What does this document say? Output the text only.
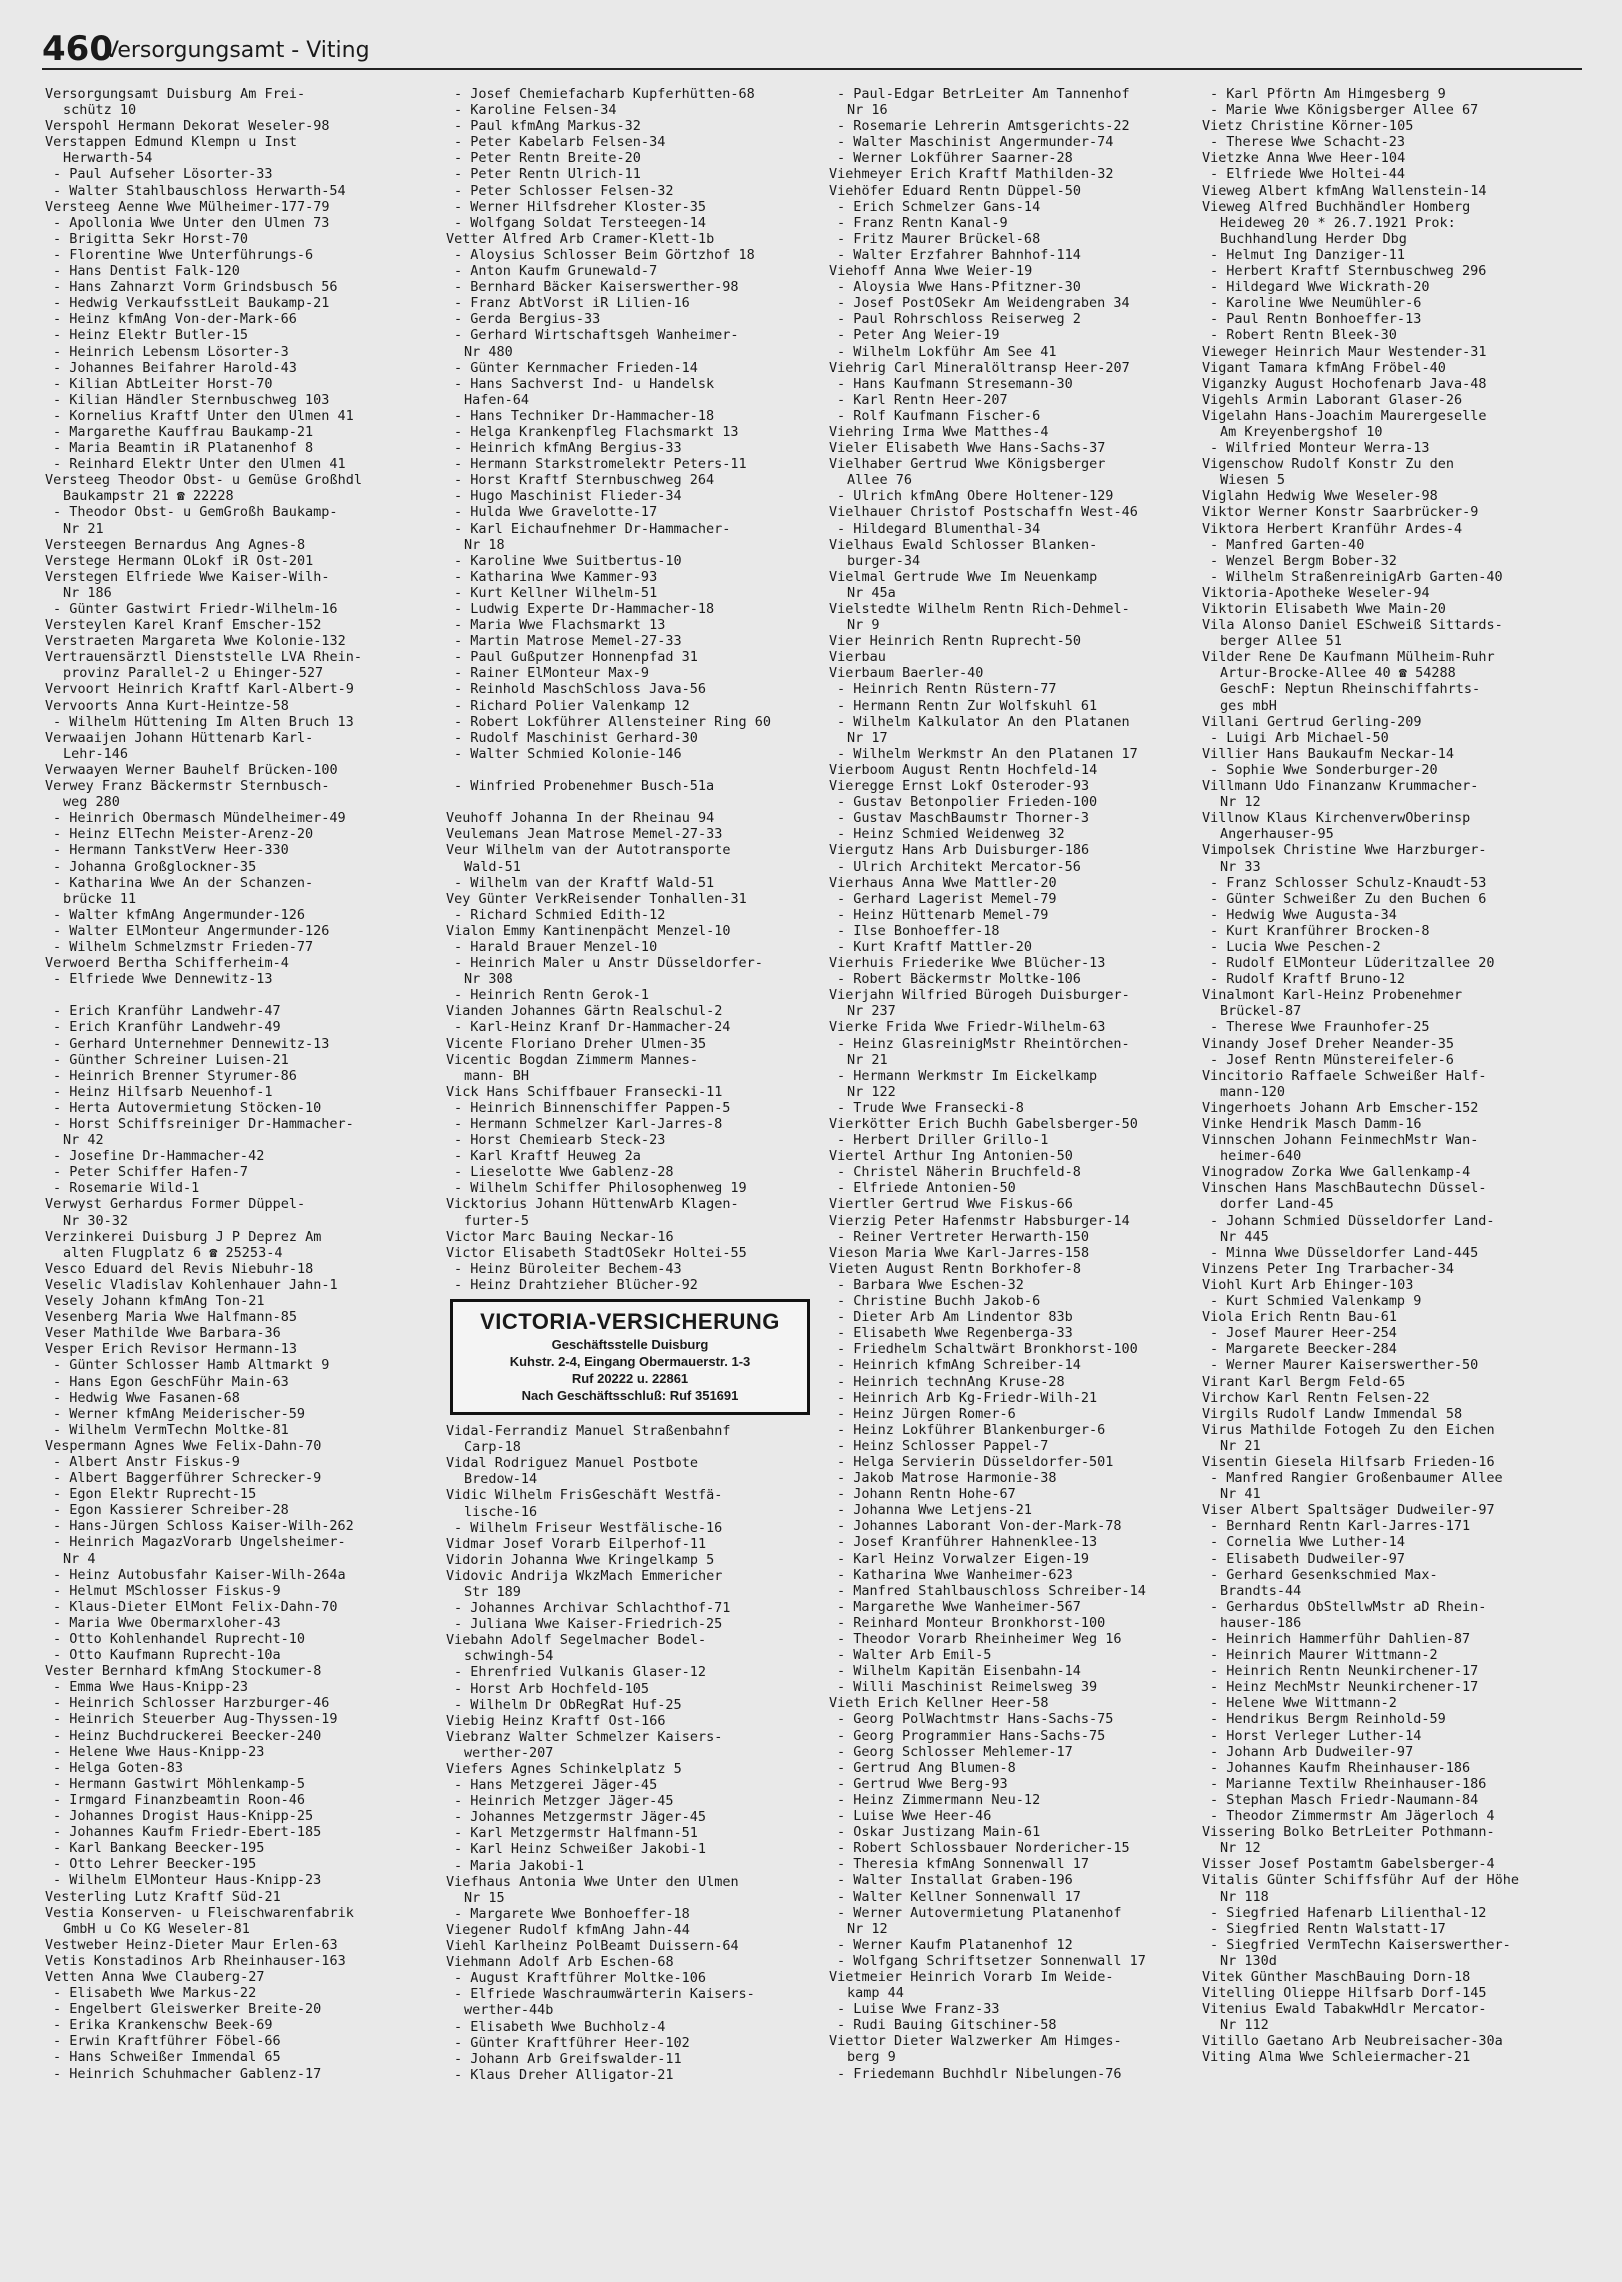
460
Versorgungsamt - Viting
Versorgungsamt Duisburg Am Frei-
schütz 10
Verspohl Hermann Dekorat Weseler-98
Verstappen Edmund Klempn u Inst
Herwarth-54
- Paul Aufseher Lösorter-33
- Walter Stahlbauschloss Herwarth-54
Versteeg Aenne Wwe Mülheimer-177-79
- Apollonia Wwe Unter den Ulmen 73
- Brigitta Sekr Horst-70
- Florentine Wwe Unterführungs-6
- Hans Dentist Falk-120
- Hans Zahnarzt Vorm Grindsbusch 56
- Hedwig VerkaufsstLeit Baukamp-21
- Heinz kfmAng Von-der-Mark-66
- Heinz Elektr Butler-15
- Heinrich Lebensm Lösorter-3
- Johannes Beifahrer Harold-43
- Kilian AbtLeiter Horst-70
- Kilian Händler Sternbuschweg 103
- Kornelius Kraftf Unter den Ulmen 41
- Margarethe Kauffrau Baukamp-21
- Maria Beamtin iR Platanenhof 8
- Reinhard Elektr Unter den Ulmen 41
Versteeg Theodor Obst- u Gemüse Großhdl
Baukampstr 21 ☎ 22228
- Theodor Obst- u GemGroßh Baukamp-
Nr 21
Versteegen Bernardus Ang Agnes-8
Verstege Hermann OLokf iR Ost-201
Verstegen Elfriede Wwe Kaiser-Wilh-
Nr 186
- Günter Gastwirt Friedr-Wilhelm-16
Versteylen Karel Kranf Emscher-152
Verstraeten Margareta Wwe Kolonie-132
Vertrauensärztl Dienststelle LVA Rhein-
provinz Parallel-2 u Ehinger-527
Vervoort Heinrich Kraftf Karl-Albert-9
Vervoorts Anna Kurt-Heintze-58
- Wilhelm Hüttening Im Alten Bruch 13
Verwaaijen Johann Hüttenarb Karl-
Lehr-146
Verwaayen Werner Bauhelf Brücken-100
Verwey Franz Bäckermstr Sternbusch-
weg 280
- Heinrich Obermasch Mündelheimer-49
- Heinz ElTechn Meister-Arenz-20
- Hermann TankstVerw Heer-330
- Johanna Großglockner-35
- Katharina Wwe An der Schanzen-
brücke 11
- Walter kfmAng Angermunder-126
- Walter ElMonteur Angermunder-126
- Wilhelm Schmelzmstr Frieden-77
Verwoerd Bertha Schifferheim-4
- Elfriede Wwe Dennewitz-13

- Erich Kranführ Landwehr-47
- Erich Kranführ Landwehr-49
- Gerhard Unternehmer Dennewitz-13
- Günther Schreiner Luisen-21
- Heinrich Brenner Styrumer-86
- Heinz Hilfsarb Neuenhof-1
- Herta Autovermietung Stöcken-10
- Horst Schiffsreiniger Dr-Hammacher-
Nr 42
- Josefine Dr-Hammacher-42
- Peter Schiffer Hafen-7
- Rosemarie Wild-1
Verwyst Gerhardus Former Düppel-
Nr 30-32
Verzinkerei Duisburg J P Deprez Am
alten Flugplatz 6 ☎ 25253-4
Vesco Eduard del Revis Niebuhr-18
Veselic Vladislav Kohlenhauer Jahn-1
Vesely Johann kfmAng Ton-21
Vesenberg Maria Wwe Halfmann-85
Veser Mathilde Wwe Barbara-36
Vesper Erich Revisor Hermann-13
- Günter Schlosser Hamb Altmarkt 9
- Hans Egon GeschFühr Main-63
- Hedwig Wwe Fasanen-68
- Werner kfmAng Meiderischer-59
- Wilhelm VermTechn Moltke-81
Vespermann Agnes Wwe Felix-Dahn-70
- Albert Anstr Fiskus-9
- Albert Baggerführer Schrecker-9
- Egon Elektr Ruprecht-15
- Egon Kassierer Schreiber-28
- Hans-Jürgen Schloss Kaiser-Wilh-262
- Heinrich MagazVorarb Ungelsheimer-
Nr 4
- Heinz Autobusfahr Kaiser-Wilh-264a
- Helmut MSchlosser Fiskus-9
- Klaus-Dieter ElMont Felix-Dahn-70
- Maria Wwe Obermarxloher-43
- Otto Kohlenhandel Ruprecht-10
- Otto Kaufmann Ruprecht-10a
Vester Bernhard kfmAng Stockumer-8
- Emma Wwe Haus-Knipp-23
- Heinrich Schlosser Harzburger-46
- Heinrich Steuerber Aug-Thyssen-19
- Heinz Buchdruckerei Beecker-240
- Helene Wwe Haus-Knipp-23
- Helga Goten-83
- Hermann Gastwirt Möhlenkamp-5
- Irmgard Finanzbeamtin Roon-46
- Johannes Drogist Haus-Knipp-25
- Johannes Kaufm Friedr-Ebert-185
- Karl Bankang Beecker-195
- Otto Lehrer Beecker-195
- Wilhelm ElMonteur Haus-Knipp-23
Vesterling Lutz Kraftf Süd-21
Vestia Konserven- u Fleischwarenfabrik
GmbH u Co KG Weseler-81
Vestweber Heinz-Dieter Maur Erlen-63
Vetis Konstadinos Arb Rheinhauser-163
Vetten Anna Wwe Clauberg-27
- Elisabeth Wwe Markus-22
- Engelbert Gleiswerker Breite-20
- Erika Krankenschw Beek-69
- Erwin Kraftführer Föbel-66
- Hans Schweißer Immendal 65
- Heinrich Schuhmacher Gablenz-17
- Josef Chemiefacharb Kupferhütten-68
- Karoline Felsen-34
- Paul kfmAng Markus-32
- Peter Kabelarb Felsen-34
- Peter Rentn Breite-20
- Peter Rentn Ulrich-11
- Peter Schlosser Felsen-32
- Werner Hilfsdreher Kloster-35
- Wolfgang Soldat Tersteegen-14
Vetter Alfred Arb Cramer-Klett-1b
- Aloysius Schlosser Beim Görtzhof 18
- Anton Kaufm Grunewald-7
- Bernhard Bäcker Kaiserswerther-98
- Franz AbtVorst iR Lilien-16
- Gerda Bergius-33
- Gerhard Wirtschaftsgeh Wanheimer-
Nr 480
- Günter Kernmacher Frieden-14
- Hans Sachverst Ind- u Handelsk
Hafen-64
- Hans Techniker Dr-Hammacher-18
- Helga Krankenpfleg Flachsmarkt 13
- Heinrich kfmAng Bergius-33
- Hermann Starkstromelektr Peters-11
- Horst Kraftf Sternbuschweg 264
- Hugo Maschinist Flieder-34
- Hulda Wwe Gravelotte-17
- Karl Eichaufnehmer Dr-Hammacher-
Nr 18
- Karoline Wwe Suitbertus-10
- Katharina Wwe Kammer-93
- Kurt Kellner Wilhelm-51
- Ludwig Experte Dr-Hammacher-18
- Maria Wwe Flachsmarkt 13
- Martin Matrose Memel-27-33
- Paul Gußputzer Honnenpfad 31
- Rainer ElMonteur Max-9
- Reinhold MaschSchloss Java-56
- Richard Polier Valenkamp 12
- Robert Lokführer Allensteiner Ring 60
- Rudolf Maschinist Gerhard-30
- Walter Schmied Kolonie-146

- Winfried Probenehmer Busch-51a

Veuhoff Johanna In der Rheinau 94
Veulemans Jean Matrose Memel-27-33
Veur Wilhelm van der Autotransporte
Wald-51
- Wilhelm van der Kraftf Wald-51
Vey Günter VerkReisender Tonhallen-31
- Richard Schmied Edith-12
Vialon Emmy Kantinenpächt Menzel-10
- Harald Brauer Menzel-10
- Heinrich Maler u Anstr Düsseldorfer-
Nr 308
- Heinrich Rentn Gerok-1
Vianden Johannes Gärtn Realschul-2
- Karl-Heinz Kranf Dr-Hammacher-24
Vicente Floriano Dreher Ulmen-35
Vicentic Bogdan Zimmerm Mannes-
mann- BH
Vick Hans Schiffbauer Fransecki-11
- Heinrich Binnenschiffer Pappen-5
- Hermann Schmelzer Karl-Jarres-8
- Horst Chemiearb Steck-23
- Karl Kraftf Heuweg 2a
- Lieselotte Wwe Gablenz-28
- Wilhelm Schiffer Philosophenweg 19
Vicktorius Johann HüttenwArb Klagen-
furter-5
Victor Marc Bauing Neckar-16
Victor Elisabeth StadtOSekr Holtei-55
- Heinz Büroleiter Bechem-43
- Heinz Drahtzieher Blücher-92
VICTORIA-VERSICHERUNG
Geschäftsstelle Duisburg
Kuhstr. 2-4, Eingang Obermauerstr. 1-3
Ruf 20222 u. 22861
Nach Geschäftsschluß: Ruf 351691
Vidal-Ferrandiz Manuel Straßenbahnf
Carp-18
Vidal Rodriguez Manuel Postbote
Bredow-14
Vidic Wilhelm FrisGeschäft Westfä-
lische-16
- Wilhelm Friseur Westfälische-16
Vidmar Josef Vorarb Eilperhof-11
Vidorin Johanna Wwe Kringelkamp 5
Vidovic Andrija WkzMach Emmericher
Str 189
- Johannes Archivar Schlachthof-71
- Juliana Wwe Kaiser-Friedrich-25
Viebahn Adolf Segelmacher Bodel-
schwingh-54
- Ehrenfried Vulkanis Glaser-12
- Horst Arb Hochfeld-105
- Wilhelm Dr ObRegRat Huf-25
Viebig Heinz Kraftf Ost-166
Viebranz Walter Schmelzer Kaisers-
werther-207
Viefers Agnes Schinkelplatz 5
- Hans Metzgerei Jäger-45
- Heinrich Metzger Jäger-45
- Johannes Metzgermstr Jäger-45
- Karl Metzgermstr Halfmann-51
- Karl Heinz Schweißer Jakobi-1
- Maria Jakobi-1
Viefhaus Antonia Wwe Unter den Ulmen
Nr 15
- Margarete Wwe Bonhoeffer-18
Viegener Rudolf kfmAng Jahn-44
Viehl Karlheinz PolBeamt Duissern-64
Viehmann Adolf Arb Eschen-68
- August Kraftführer Moltke-106
- Elfriede Waschraumwärterin Kaisers-
werther-44b
- Elisabeth Wwe Buchholz-4
- Günter Kraftführer Heer-102
- Johann Arb Greifswalder-11
- Klaus Dreher Alligator-21
- Paul-Edgar BetrLeiter Am Tannenhof
Nr 16
- Rosemarie Lehrerin Amtsgerichts-22
- Walter Maschinist Angermunder-74
- Werner Lokführer Saarner-28
Viehmeyer Erich Kraftf Mathilden-32
Viehöfer Eduard Rentn Düppel-50
- Erich Schmelzer Gans-14
- Franz Rentn Kanal-9
- Fritz Maurer Brückel-68
- Walter Erzfahrer Bahnhof-114
Viehoff Anna Wwe Weier-19
- Aloysia Wwe Hans-Pfitzner-30
- Josef PostOSekr Am Weidengraben 34
- Paul Rohrschloss Reiserweg 2
- Peter Ang Weier-19
- Wilhelm Lokführ Am See 41
Viehrig Carl Mineralöltransp Heer-207
- Hans Kaufmann Stresemann-30
- Karl Rentn Heer-207
- Rolf Kaufmann Fischer-6
Viehring Irma Wwe Matthes-4
Vieler Elisabeth Wwe Hans-Sachs-37
Vielhaber Gertrud Wwe Königsberger
Allee 76
- Ulrich kfmAng Obere Holtener-129
Vielhauer Christof Postschaffn West-46
- Hildegard Blumenthal-34
Vielhaus Ewald Schlosser Blanken-
burger-34
Vielmal Gertrude Wwe Im Neuenkamp
Nr 45a
Vielstedte Wilhelm Rentn Rich-Dehmel-
Nr 9
Vier Heinrich Rentn Ruprecht-50
Vierbau
Vierbaum Baerler-40
- Heinrich Rentn Rüstern-77
- Hermann Rentn Zur Wolfskuhl 61
- Wilhelm Kalkulator An den Platanen
Nr 17
- Wilhelm Werkmstr An den Platanen 17
Vierboom August Rentn Hochfeld-14
Vieregge Ernst Lokf Osteroder-93
- Gustav Betonpolier Frieden-100
- Gustav MaschBaumstr Thorner-3
- Heinz Schmied Weidenweg 32
Viergutz Hans Arb Duisburger-186
- Ulrich Architekt Mercator-56
Vierhaus Anna Wwe Mattler-20
- Gerhard Lagerist Memel-79
- Heinz Hüttenarb Memel-79
- Ilse Bonhoeffer-18
- Kurt Kraftf Mattler-20
Vierhuis Friederike Wwe Blücher-13
- Robert Bäckermstr Moltke-106
Vierjahn Wilfried Bürogeh Duisburger-
Nr 237
Vierke Frida Wwe Friedr-Wilhelm-63
- Heinz GlasreinigMstr Rheintörchen-
Nr 21
- Hermann Werkmstr Im Eickelkamp
Nr 122
- Trude Wwe Fransecki-8
Vierkötter Erich Buchh Gabelsberger-50
- Herbert Driller Grillo-1
Viertel Arthur Ing Antonien-50
- Christel Näherin Bruchfeld-8
- Elfriede Antonien-50
Viertler Gertrud Wwe Fiskus-66
Vierzig Peter Hafenmstr Habsburger-14
- Reiner Vertreter Herwarth-150
Vieson Maria Wwe Karl-Jarres-158
Vieten August Rentn Borkhofer-8
- Barbara Wwe Eschen-32
- Christine Buchh Jakob-6
- Dieter Arb Am Lindentor 83b
- Elisabeth Wwe Regenberga-33
- Friedhelm Schaltwärt Bronkhorst-100
- Heinrich kfmAng Schreiber-14
- Heinrich technAng Kruse-28
- Heinrich Arb Kg-Friedr-Wilh-21
- Heinz Jürgen Romer-6
- Heinz Lokführer Blankenburger-6
- Heinz Schlosser Pappel-7
- Helga Servierin Düsseldorfer-501
- Jakob Matrose Harmonie-38
- Johann Rentn Hohe-67
- Johanna Wwe Letjens-21
- Johannes Laborant Von-der-Mark-78
- Josef Kranführer Hahnenklee-13
- Karl Heinz Vorwalzer Eigen-19
- Katharina Wwe Wanheimer-623
- Manfred Stahlbauschloss Schreiber-14
- Margarethe Wwe Wanheimer-567
- Reinhard Monteur Bronkhorst-100
- Theodor Vorarb Rheinheimer Weg 16
- Walter Arb Emil-5
- Wilhelm Kapitän Eisenbahn-14
- Willi Maschinist Reimelsweg 39
Vieth Erich Kellner Heer-58
- Georg PolWachtmstr Hans-Sachs-75
- Georg Programmier Hans-Sachs-75
- Georg Schlosser Mehlemer-17
- Gertrud Ang Blumen-8
- Gertrud Wwe Berg-93
- Heinz Zimmermann Neu-12
- Luise Wwe Heer-46
- Oskar Justizang Main-61
- Robert Schlossbauer Nordericher-15
- Theresia kfmAng Sonnenwall 17
- Walter Installat Graben-196
- Walter Kellner Sonnenwall 17
- Werner Autovermietung Platanenhof
Nr 12
- Werner Kaufm Platanenhof 12
- Wolfgang Schriftsetzer Sonnenwall 17
Vietmeier Heinrich Vorarb Im Weide-
kamp 44
- Luise Wwe Franz-33
- Rudi Bauing Gitschiner-58
Viettor Dieter Walzwerker Am Himges-
berg 9
- Friedemann Buchhdlr Nibelungen-76
- Karl Pförtn Am Himgesberg 9
- Marie Wwe Königsberger Allee 67
Vietz Christine Körner-105
- Therese Wwe Schacht-23
Vietzke Anna Wwe Heer-104
- Elfriede Wwe Holtei-44
Vieweg Albert kfmAng Wallenstein-14
Vieweg Alfred Buchhändler Homberg
Heideweg 20 * 26.7.1921 Prok:
Buchhandlung Herder Dbg
- Helmut Ing Danziger-11
- Herbert Kraftf Sternbuschweg 296
- Hildegard Wwe Wickrath-20
- Karoline Wwe Neumühler-6
- Paul Rentn Bonhoeffer-13
- Robert Rentn Bleek-30
Vieweger Heinrich Maur Westender-31
Vigant Tamara kfmAng Fröbel-40
Viganzky August Hochofenarb Java-48
Vigehls Armin Laborant Glaser-26
Vigelahn Hans-Joachim Maurergeselle
Am Kreyenbergshof 10
- Wilfried Monteur Werra-13
Vigenschow Rudolf Konstr Zu den
Wiesen 5
Viglahn Hedwig Wwe Weseler-98
Viktor Werner Konstr Saarbrücker-9
Viktora Herbert Kranführ Ardes-4
- Manfred Garten-40
- Wenzel Bergm Bober-32
- Wilhelm StraßenreinigArb Garten-40
Viktoria-Apotheke Weseler-94
Viktorin Elisabeth Wwe Main-20
Vila Alonso Daniel ESchweiß Sittards-
berger Allee 51
Vilder Rene De Kaufmann Mülheim-Ruhr
Artur-Brocke-Allee 40 ☎ 54288
GeschF: Neptun Rheinschiffahrts-
ges mbH
Villani Gertrud Gerling-209
- Luigi Arb Michael-50
Villier Hans Baukaufm Neckar-14
- Sophie Wwe Sonderburger-20
Villmann Udo Finanzanw Krummacher-
Nr 12
Villnow Klaus KirchenverwOberinsp
Angerhauser-95
Vimpolsek Christine Wwe Harzburger-
Nr 33
- Franz Schlosser Schulz-Knaudt-53
- Günter Schweißer Zu den Buchen 6
- Hedwig Wwe Augusta-34
- Kurt Kranführer Brocken-8
- Lucia Wwe Peschen-2
- Rudolf ElMonteur Lüderitzallee 20
- Rudolf Kraftf Bruno-12
Vinalmont Karl-Heinz Probenehmer
Brückel-87
- Therese Wwe Fraunhofer-25
Vinandy Josef Dreher Neander-35
- Josef Rentn Münstereifeler-6
Vincitorio Raffaele Schweißer Half-
mann-120
Vingerhoets Johann Arb Emscher-152
Vinke Hendrik Masch Damm-16
Vinnschen Johann FeinmechMstr Wan-
heimer-640
Vinogradow Zorka Wwe Gallenkamp-4
Vinschen Hans MaschBautechn Düssel-
dorfer Land-45
- Johann Schmied Düsseldorfer Land-
Nr 445
- Minna Wwe Düsseldorfer Land-445
Vinzens Peter Ing Trarbacher-34
Viohl Kurt Arb Ehinger-103
- Kurt Schmied Valenkamp 9
Viola Erich Rentn Bau-61
- Josef Maurer Heer-254
- Margarete Beecker-284
- Werner Maurer Kaiserswerther-50
Virant Karl Bergm Feld-65
Virchow Karl Rentn Felsen-22
Virgils Rudolf Landw Immendal 58
Virus Mathilde Fotogeh Zu den Eichen
Nr 21
Visentin Giesela Hilfsarb Frieden-16
- Manfred Rangier Großenbaumer Allee
Nr 41
Viser Albert Spaltsäger Dudweiler-97
- Bernhard Rentn Karl-Jarres-171
- Cornelia Wwe Luther-14
- Elisabeth Dudweiler-97
- Gerhard Gesenkschmied Max-
Brandts-44
- Gerhardus ObStellwMstr aD Rhein-
hauser-186
- Heinrich Hammerführ Dahlien-87
- Heinrich Maurer Wittmann-2
- Heinrich Rentn Neunkirchener-17
- Heinz MechMstr Neunkirchener-17
- Helene Wwe Wittmann-2
- Hendrikus Bergm Reinhold-59
- Horst Verleger Luther-14
- Johann Arb Dudweiler-97
- Johannes Kaufm Rheinhauser-186
- Marianne Textilw Rheinhauser-186
- Stephan Masch Friedr-Naumann-84
- Theodor Zimmermstr Am Jägerloch 4
Vissering Bolko BetrLeiter Pothmann-
Nr 12
Visser Josef Postamtm Gabelsberger-4
Vitalis Günter Schiffsführ Auf der Höhe
Nr 118
- Siegfried Hafenarb Lilienthal-12
- Siegfried Rentn Walstatt-17
- Siegfried VermTechn Kaiserswerther-
Nr 130d
Vitek Günther MaschBauing Dorn-18
Vitelling Olieppe Hilfsarb Dorf-145
Vitenius Ewald TabakwHdlr Mercator-
Nr 112
Vitillo Gaetano Arb Neubreisacher-30a
Viting Alma Wwe Schleiermacher-21
